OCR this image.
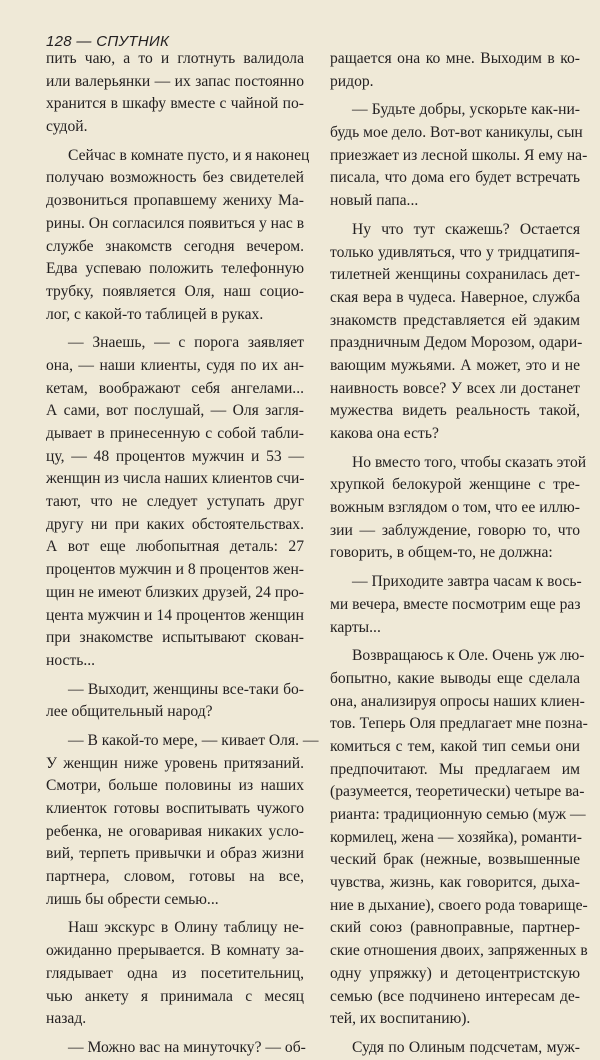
128 — СПУТНИК
пить чаю, а то и глотнуть валидола
или валерьянки — их запас постоянно
хранится в шкафу вместе с чайной по-
судой.
Сейчас в комнате пусто, и я наконец
получаю возможность без свидетелей
дозвониться пропавшему жениху Ма-
рины. Он согласился появиться у нас в
службе знакомств сегодня вечером.
Едва успеваю положить телефонную
трубку, появляется Оля, наш социо-
лог, с какой-то таблицей в руках.
— Знаешь, — с порога заявляет
она, — наши клиенты, судя по их ан-
кетам, воображают себя ангелами...
А сами, вот послушай, — Оля загля-
дывает в принесенную с собой табли-
цу, — 48 процентов мужчин и 53 —
женщин из числа наших клиентов счи-
тают, что не следует уступать друг
другу ни при каких обстоятельствах.
А вот еще любопытная деталь: 27
процентов мужчин и 8 процентов жен-
щин не имеют близких друзей, 24 про-
цента мужчин и 14 процентов женщин
при знакомстве испытывают скован-
ность...
— Выходит, женщины все-таки бо-
лее общительный народ?
— В какой-то мере, — кивает Оля. —
У женщин ниже уровень притязаний.
Смотри, больше половины из наших
клиенток готовы воспитывать чужого
ребенка, не оговаривая никаких усло-
вий, терпеть привычки и образ жизни
партнера, словом, готовы на все,
лишь бы обрести семью...
Наш экскурс в Олину таблицу не-
ожиданно прерывается. В комнату за-
глядывает одна из посетительниц,
чью анкету я принимала с месяц
назад.
— Можно вас на минуточку? — об-
ращается она ко мне. Выходим в ко-
ридор.
— Будьте добры, ускорьте как-ни-
будь мое дело. Вот-вот каникулы, сын
приезжает из лесной школы. Я ему на-
писала, что дома его будет встречать
новый папа...
Ну что тут скажешь? Остается
только удивляться, что у тридцатипя-
тилетней женщины сохранилась дет-
ская вера в чудеса. Наверное, служба
знакомств представляется ей эдаким
праздничным Дедом Морозом, одари-
вающим мужьями. А может, это и не
наивность вовсе? У всех ли достанет
мужества видеть реальность такой,
какова она есть?
Но вместо того, чтобы сказать этой
хрупкой белокурой женщине с тре-
вожным взглядом о том, что ее иллю-
зии — заблуждение, говорю то, что
говорить, в общем-то, не должна:
— Приходите завтра часам к вось-
ми вечера, вместе посмотрим еще раз
карты...
Возвращаюсь к Оле. Очень уж лю-
бопытно, какие выводы еще сделала
она, анализируя опросы наших клиен-
тов. Теперь Оля предлагает мне позна-
комиться с тем, какой тип семьи они
предпочитают. Мы предлагаем им
(разумеется, теоретически) четыре ва-
рианта: традиционную семью (муж —
кормилец, жена — хозяйка), романти-
ческий брак (нежные, возвышенные
чувства, жизнь, как говорится, дыха-
ние в дыхание), своего рода товарище-
ский союз (равноправные, партнер-
ские отношения двоих, запряженных в
одну упряжку) и детоцентристскую
семью (все подчинено интересам де-
тей, их воспитанию).
Судя по Олиным подсчетам, муж-
